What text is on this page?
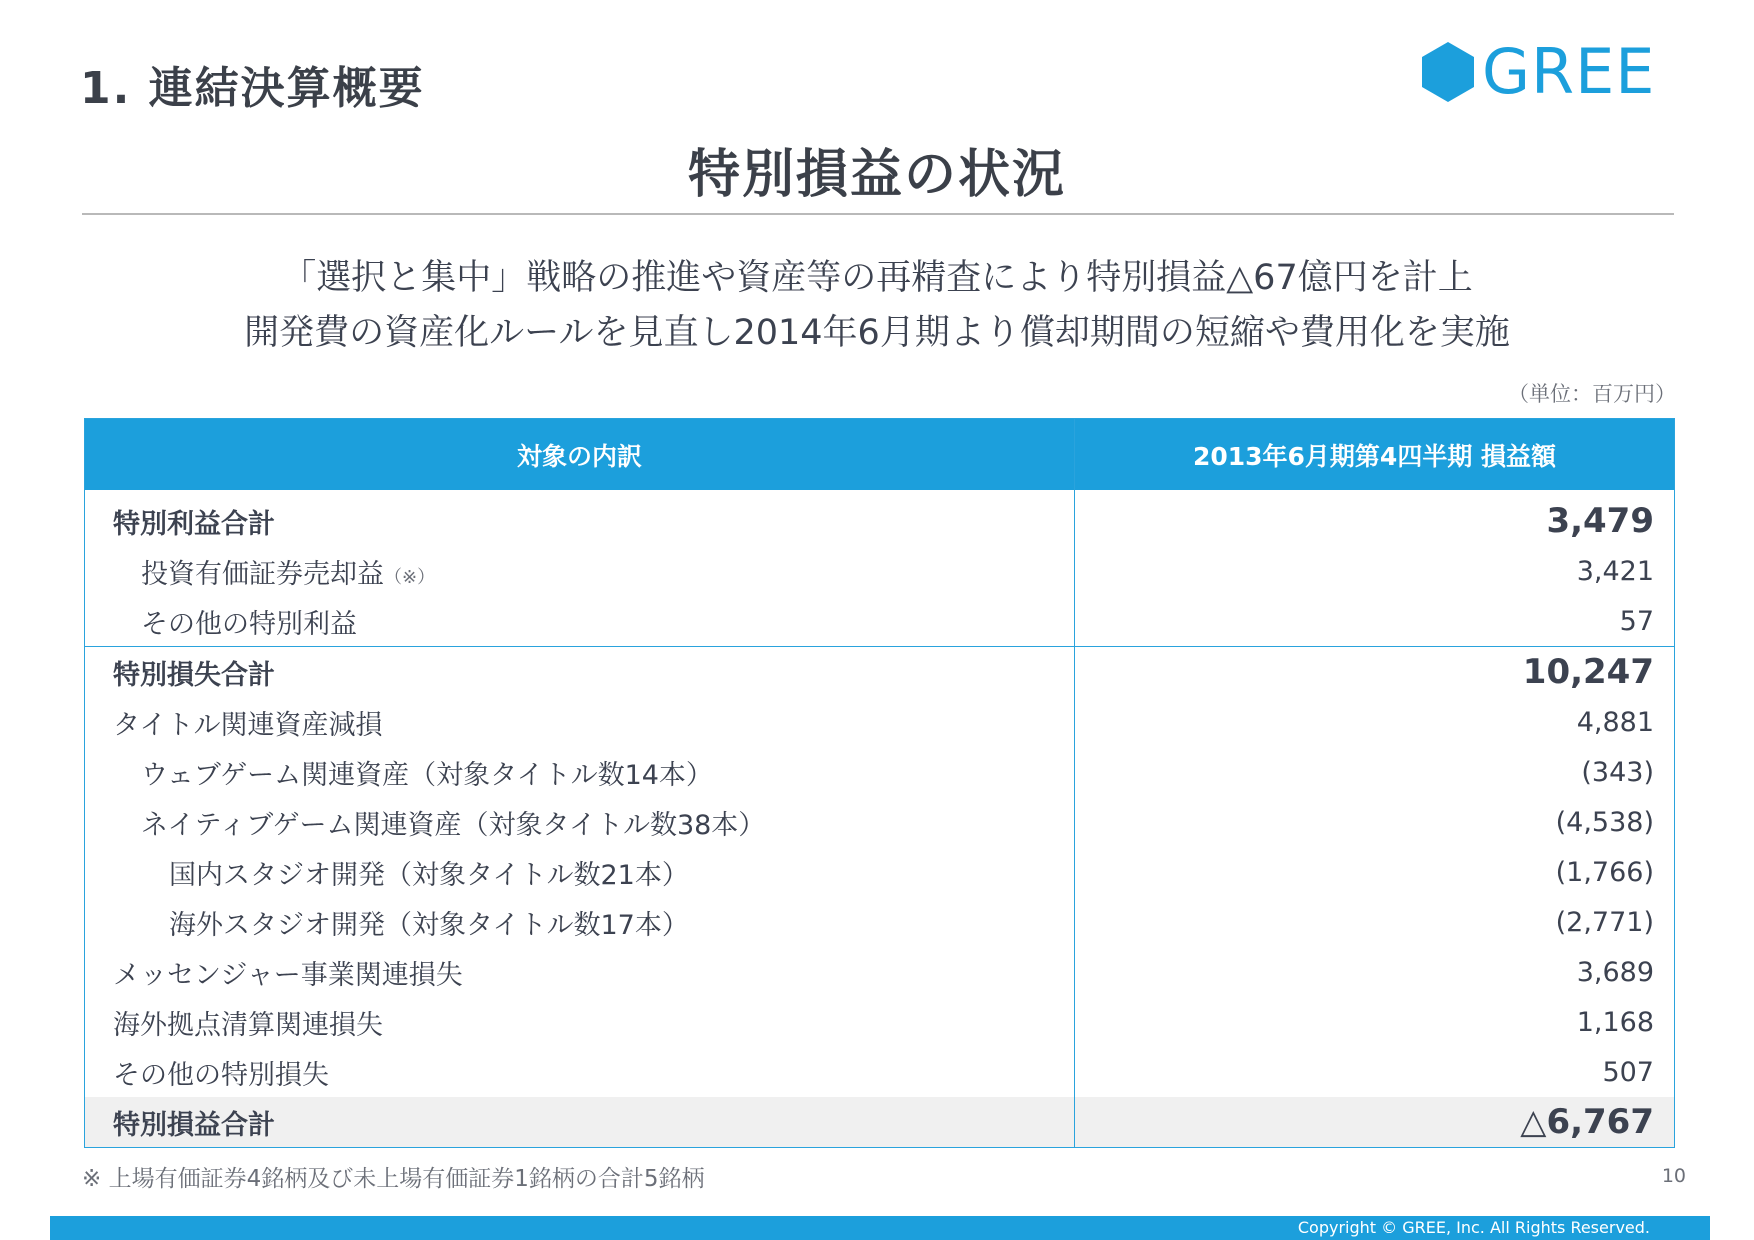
1. 連結決算概要	GREE
特別損益の状況
「選択と集中」戦略の推進や資産等の再精査により特別損益△67億円を計上
開発費の資産化ルールを見直し2014年6月期より償却期間の短縮や費用化を実施
（単位：百万円）
対象の内訳	2013年6月期第4四半期 損益額
特別利益合計	3,479
投資有価証券売却益（※）	3,421
その他の特別利益	57
特別損失合計	10,247
タイトル関連資産減損	4,881
ウェブゲーム関連資産（対象タイトル数14本）	(343)
ネイティブゲーム関連資産（対象タイトル数38本）	(4,538)
国内スタジオ開発（対象タイトル数21本）	(1,766)
海外スタジオ開発（対象タイトル数17本）	(2,771)
メッセンジャー事業関連損失	3,689
海外拠点清算関連損失	1,168
その他の特別損失	507
特別損益合計	△6,767
※ 上場有価証券4銘柄及び未上場有価証券1銘柄の合計5銘柄	10
Copyright © GREE, Inc. All Rights Reserved.
